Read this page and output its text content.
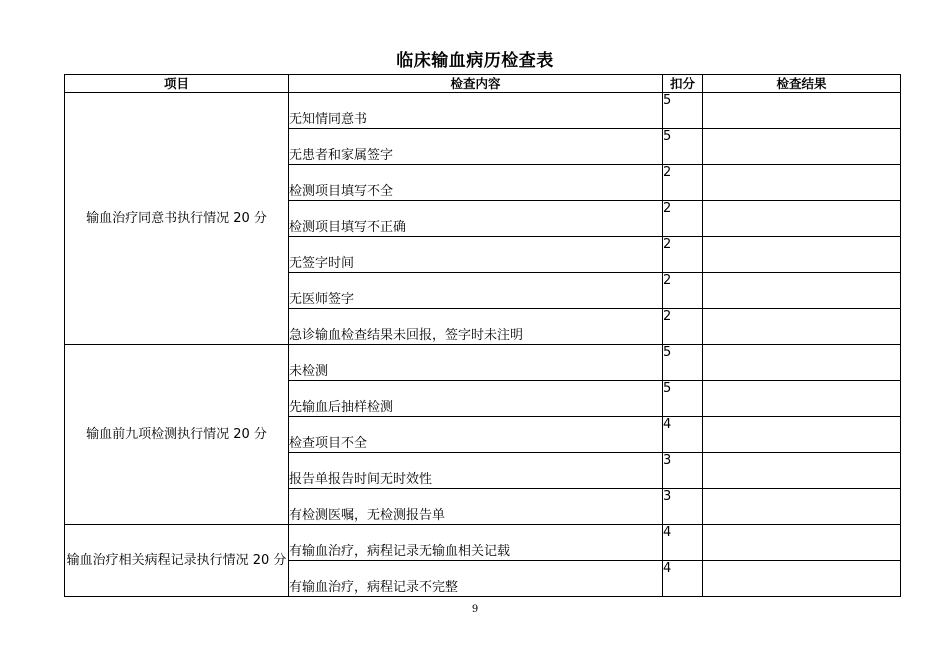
临床输血病历检查表
项目	检查内容	扣分	检查结果
输血治疗同意书执行情况 20 分	无知情同意书	5	
	无患者和家属签字	5	
	检测项目填写不全	2	
	检测项目填写不正确	2	
	无签字时间	2	
	无医师签字	2	
	急诊输血检查结果未回报，签字时未注明	2	
输血前九项检测执行情况 20 分	未检测	5	
	先输血后抽样检测	5	
	检查项目不全	4	
	报告单报告时间无时效性	3	
	有检测医嘱，无检测报告单	3	
输血治疗相关病程记录执行情况 20 分	有输血治疗，病程记录无输血相关记载	4	
	有输血治疗，病程记录不完整	4	
9
